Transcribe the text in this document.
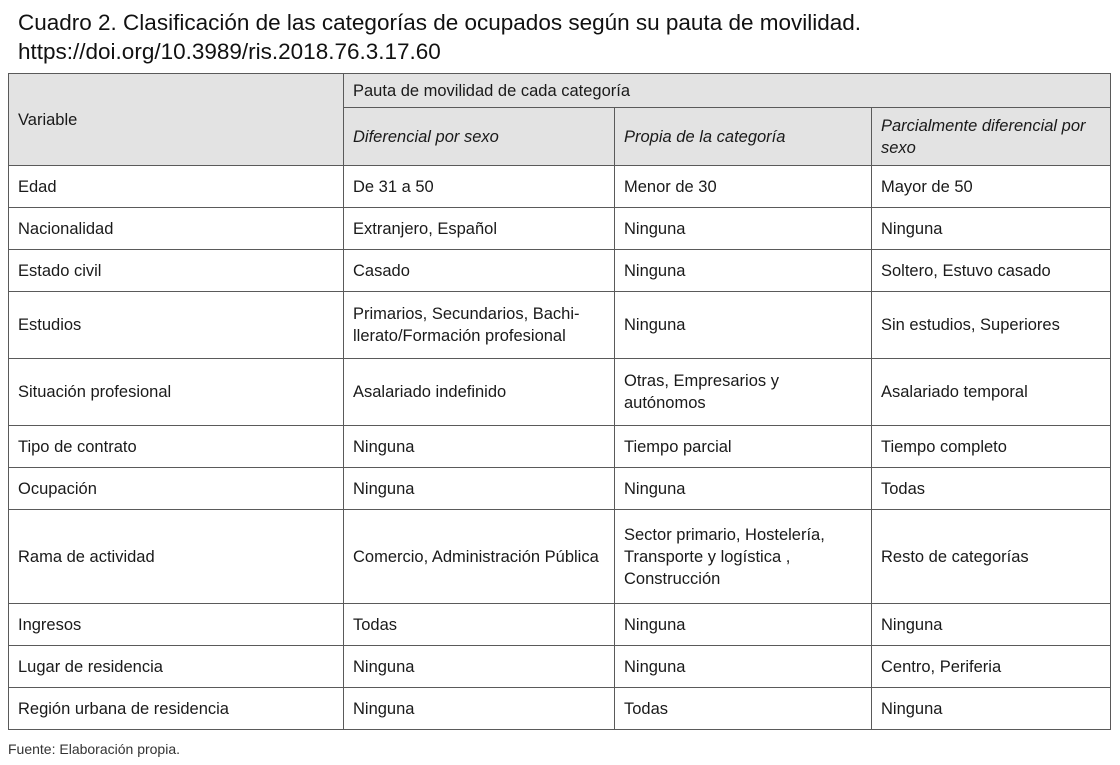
Cuadro 2. Clasificación de las categorías de ocupados según su pauta de movilidad.
https://doi.org/10.3989/ris.2018.76.3.17.60
Variable	Pauta de movilidad de cada categoría		
	Diferencial por sexo	Propia de la categoría	Parcialmente diferencial por sexo
Edad	De 31 a 50	Menor de 30	Mayor de 50
Nacionalidad	Extranjero, Español	Ninguna	Ninguna
Estado civil	Casado	Ninguna	Soltero, Estuvo casado
Estudios	Primarios, Secundarios, Bachi-llerato/Formación profesional	Ninguna	Sin estudios, Superiores
Situación profesional	Asalariado indefinido	Otras, Empresarios y autónomos	Asalariado temporal
Tipo de contrato	Ninguna	Tiempo parcial	Tiempo completo
Ocupación	Ninguna	Ninguna	Todas
Rama de actividad	Comercio, Administración Pública	Sector primario, Hostelería, Transporte y logística , Construcción	Resto de categorías
Ingresos	Todas	Ninguna	Ninguna
Lugar de residencia	Ninguna	Ninguna	Centro, Periferia
Región urbana de residencia	Ninguna	Todas	Ninguna
Fuente: Elaboración propia.
